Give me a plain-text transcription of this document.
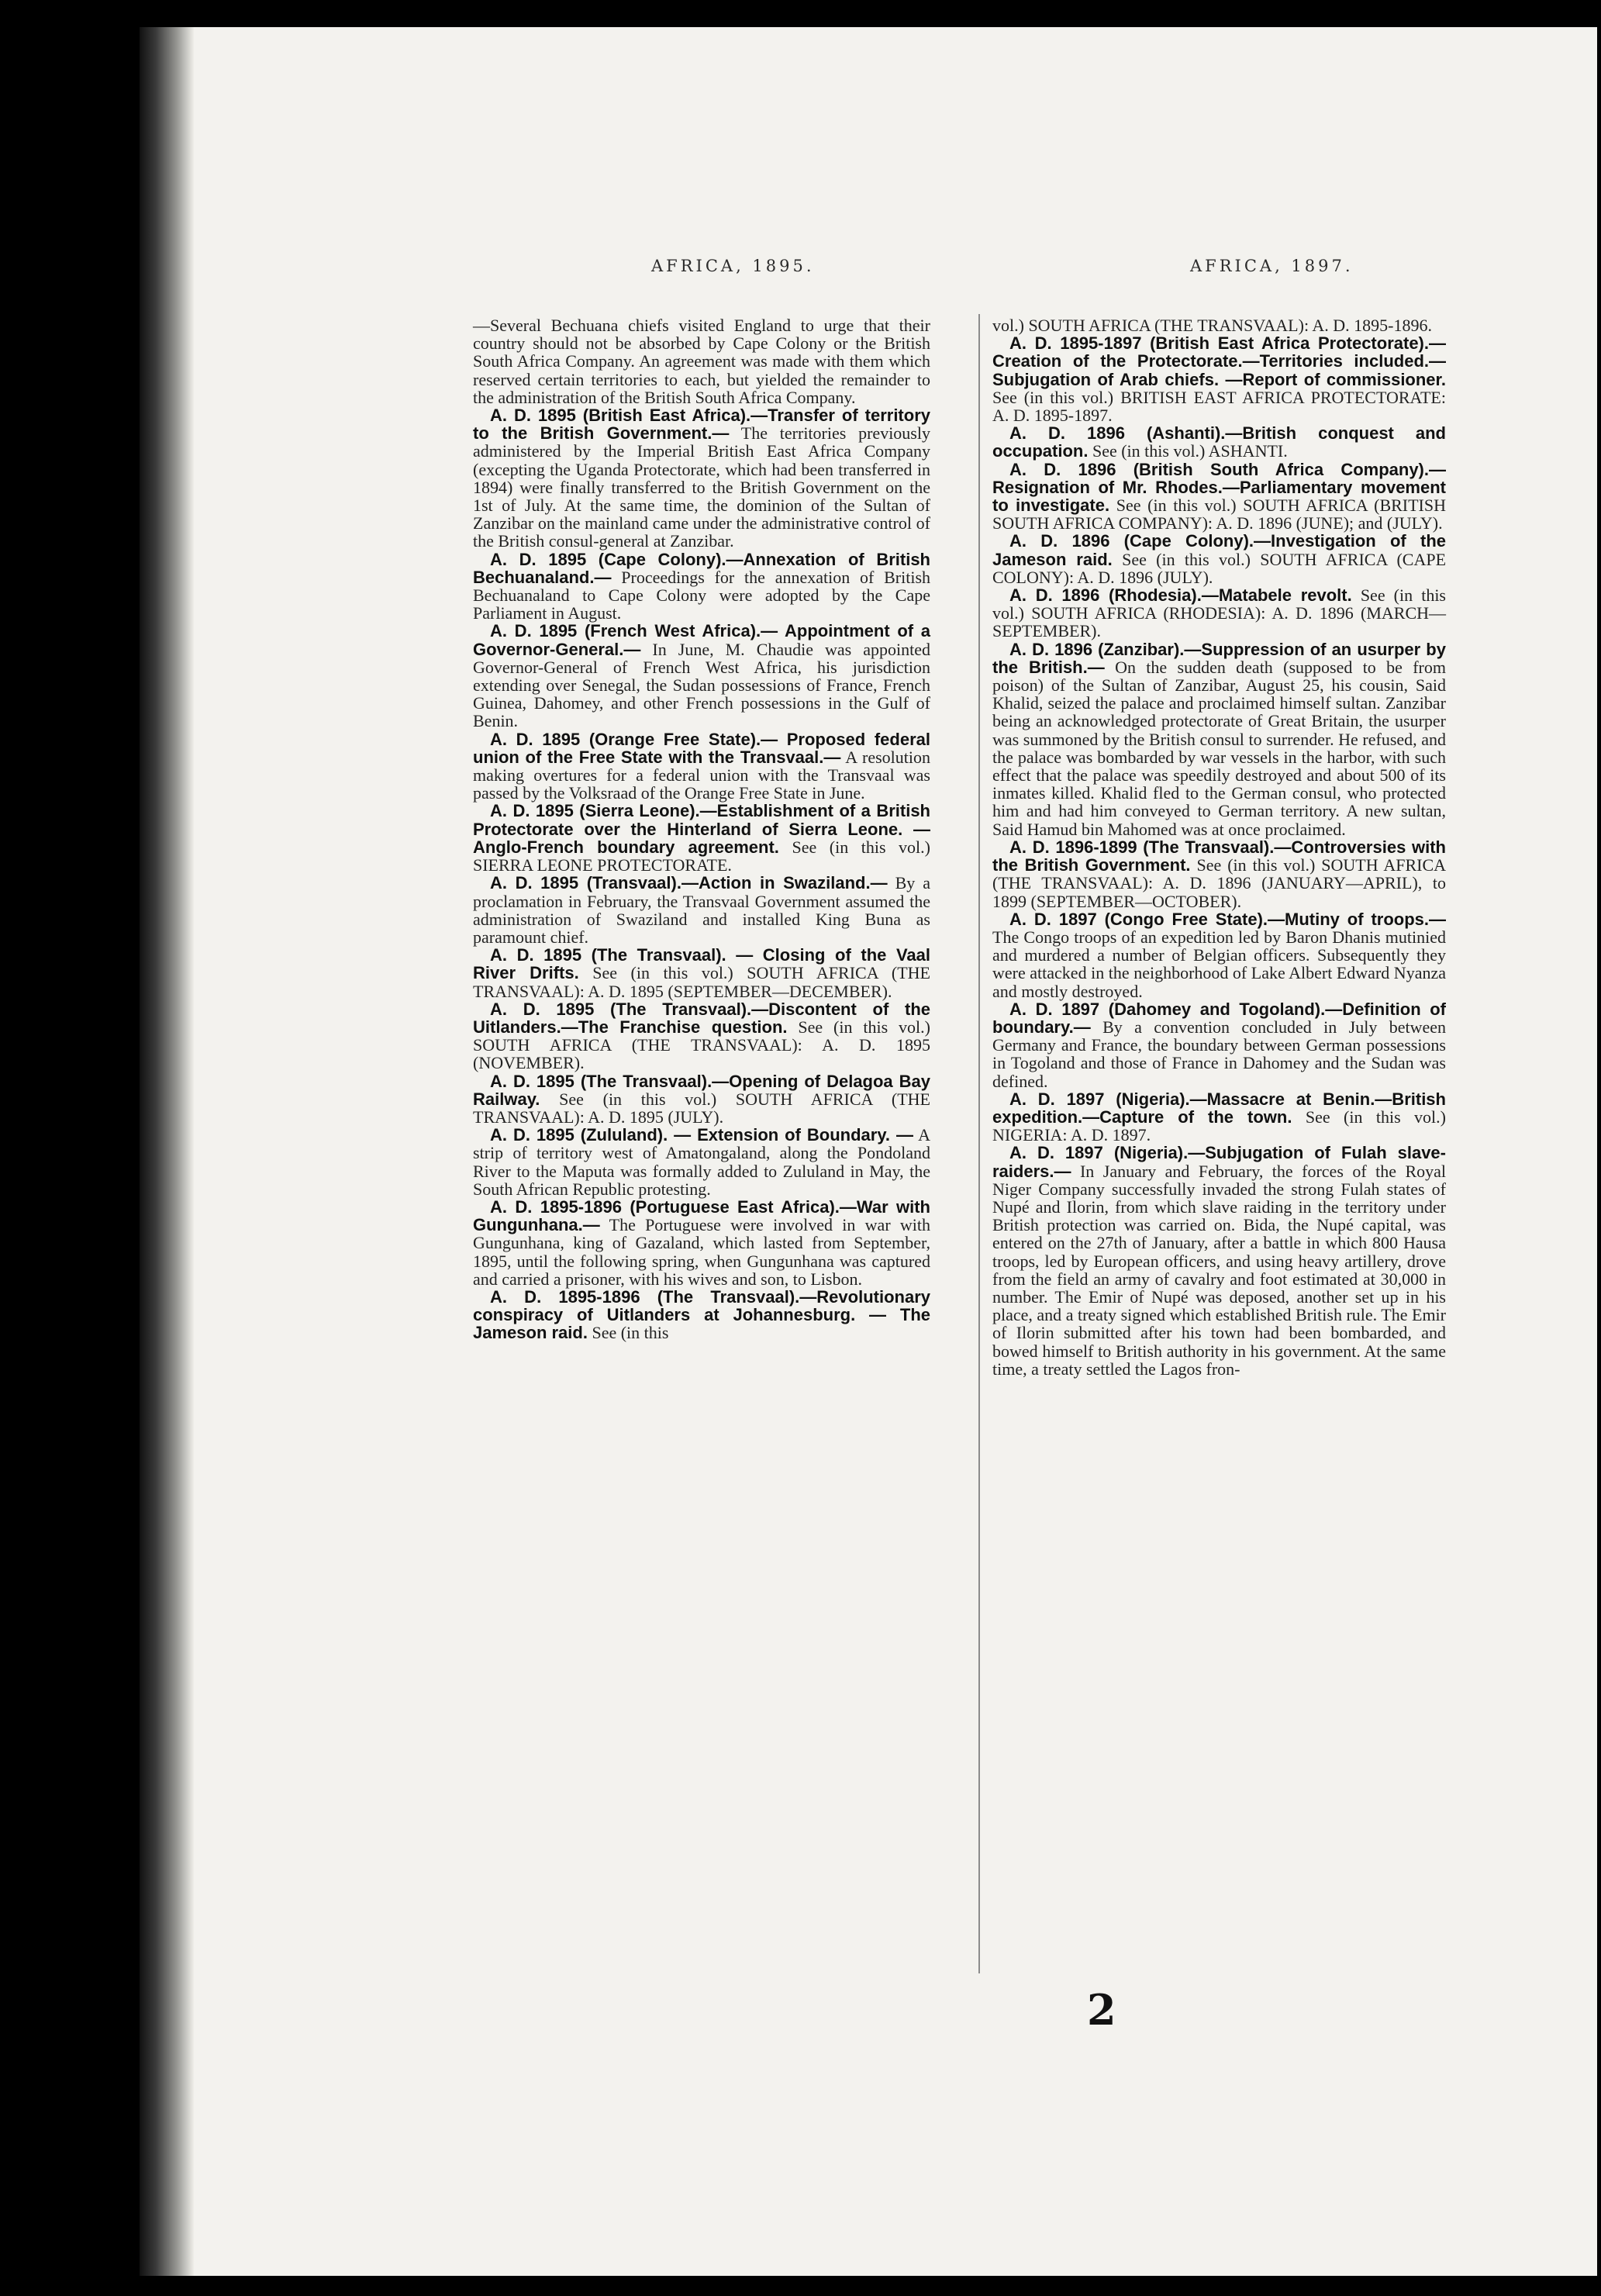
AFRICA, 1895.	AFRICA, 1897.

—Several Bechuana chiefs visited England to urge that their country should not be absorbed by Cape Colony or the British South Africa Company. An agreement was made with them which reserved certain territories to each, but yielded the remainder to the administration of the British South Africa Company.

A. D. 1895 (British East Africa).—Transfer of territory to the British Government.— The territories previously administered by the Imperial British East Africa Company (excepting the Uganda Protectorate, which had been transferred in 1894) were finally transferred to the British Government on the 1st of July. At the same time, the dominion of the Sultan of Zanzibar on the mainland came under the administrative control of the British consul-general at Zanzibar.

A. D. 1895 (Cape Colony).—Annexation of British Bechuanaland.— Proceedings for the annexation of British Bechuanaland to Cape Colony were adopted by the Cape Parliament in August.

A. D. 1895 (French West Africa).— Appointment of a Governor-General.— In June, M. Chaudie was appointed Governor-General of French West Africa, his jurisdiction extending over Senegal, the Sudan possessions of France, French Guinea, Dahomey, and other French possessions in the Gulf of Benin.

A. D. 1895 (Orange Free State).— Proposed federal union of the Free State with the Transvaal.— A resolution making overtures for a federal union with the Transvaal was passed by the Volksraad of the Orange Free State in June.

A. D. 1895 (Sierra Leone).—Establishment of a British Protectorate over the Hinterland of Sierra Leone. — Anglo-French boundary agreement. See (in this vol.) SIERRA LEONE PROTECTORATE.

A. D. 1895 (Transvaal).—Action in Swaziland.— By a proclamation in February, the Transvaal Government assumed the administration of Swaziland and installed King Buna as paramount chief.

A. D. 1895 (The Transvaal). — Closing of the Vaal River Drifts. See (in this vol.) SOUTH AFRICA (THE TRANSVAAL): A. D. 1895 (SEPTEMBER—DECEMBER).

A. D. 1895 (The Transvaal).—Discontent of the Uitlanders.—The Franchise question. See (in this vol.) SOUTH AFRICA (THE TRANSVAAL): A. D. 1895 (NOVEMBER).

A. D. 1895 (The Transvaal).—Opening of Delagoa Bay Railway. See (in this vol.) SOUTH AFRICA (THE TRANSVAAL): A. D. 1895 (JULY).

A. D. 1895 (Zululand). — Extension of Boundary. — A strip of territory west of Amatongaland, along the Pondoland River to the Maputa was formally added to Zululand in May, the South African Republic protesting.

A. D. 1895-1896 (Portuguese East Africa).—War with Gungunhana.— The Portuguese were involved in war with Gungunhana, king of Gazaland, which lasted from September, 1895, until the following spring, when Gungunhana was captured and carried a prisoner, with his wives and son, to Lisbon.

A. D. 1895-1896 (The Transvaal).—Revolutionary conspiracy of Uitlanders at Johannesburg. — The Jameson raid. See (in this

vol.) SOUTH AFRICA (THE TRANSVAAL): A. D. 1895-1896.

A. D. 1895-1897 (British East Africa Protectorate).—Creation of the Protectorate.—Territories included.—Subjugation of Arab chiefs. —Report of commissioner. See (in this vol.) BRITISH EAST AFRICA PROTECTORATE: A. D. 1895-1897.

A. D. 1896 (Ashanti).—British conquest and occupation. See (in this vol.) ASHANTI.

A. D. 1896 (British South Africa Company).—Resignation of Mr. Rhodes.—Parliamentary movement to investigate. See (in this vol.) SOUTH AFRICA (BRITISH SOUTH AFRICA COMPANY): A. D. 1896 (JUNE); and (JULY).

A. D. 1896 (Cape Colony).—Investigation of the Jameson raid. See (in this vol.) SOUTH AFRICA (CAPE COLONY): A. D. 1896 (JULY).

A. D. 1896 (Rhodesia).—Matabele revolt. See (in this vol.) SOUTH AFRICA (RHODESIA): A. D. 1896 (MARCH—SEPTEMBER).

A. D. 1896 (Zanzibar).—Suppression of an usurper by the British.— On the sudden death (supposed to be from poison) of the Sultan of Zanzibar, August 25, his cousin, Said Khalid, seized the palace and proclaimed himself sultan. Zanzibar being an acknowledged protectorate of Great Britain, the usurper was summoned by the British consul to surrender. He refused, and the palace was bombarded by war vessels in the harbor, with such effect that the palace was speedily destroyed and about 500 of its inmates killed. Khalid fled to the German consul, who protected him and had him conveyed to German territory. A new sultan, Said Hamud bin Mahomed was at once proclaimed.

A. D. 1896-1899 (The Transvaal).—Controversies with the British Government. See (in this vol.) SOUTH AFRICA (THE TRANSVAAL): A. D. 1896 (JANUARY—APRIL), to 1899 (SEPTEMBER—OCTOBER).

A. D. 1897 (Congo Free State).—Mutiny of troops.— The Congo troops of an expedition led by Baron Dhanis mutinied and murdered a number of Belgian officers. Subsequently they were attacked in the neighborhood of Lake Albert Edward Nyanza and mostly destroyed.

A. D. 1897 (Dahomey and Togoland).—Definition of boundary.— By a convention concluded in July between Germany and France, the boundary between German possessions in Togoland and those of France in Dahomey and the Sudan was defined.

A. D. 1897 (Nigeria).—Massacre at Benin.—British expedition.—Capture of the town. See (in this vol.) NIGERIA: A. D. 1897.

A. D. 1897 (Nigeria).—Subjugation of Fulah slave-raiders.— In January and February, the forces of the Royal Niger Company successfully invaded the strong Fulah states of Nupé and Ilorin, from which slave raiding in the territory under British protection was carried on. Bida, the Nupé capital, was entered on the 27th of January, after a battle in which 800 Hausa troops, led by European officers, and using heavy artillery, drove from the field an army of cavalry and foot estimated at 30,000 in number. The Emir of Nupé was deposed, another set up in his place, and a treaty signed which established British rule. The Emir of Ilorin submitted after his town had been bombarded, and bowed himself to British authority in his government. At the same time, a treaty settled the Lagos fron-

2
